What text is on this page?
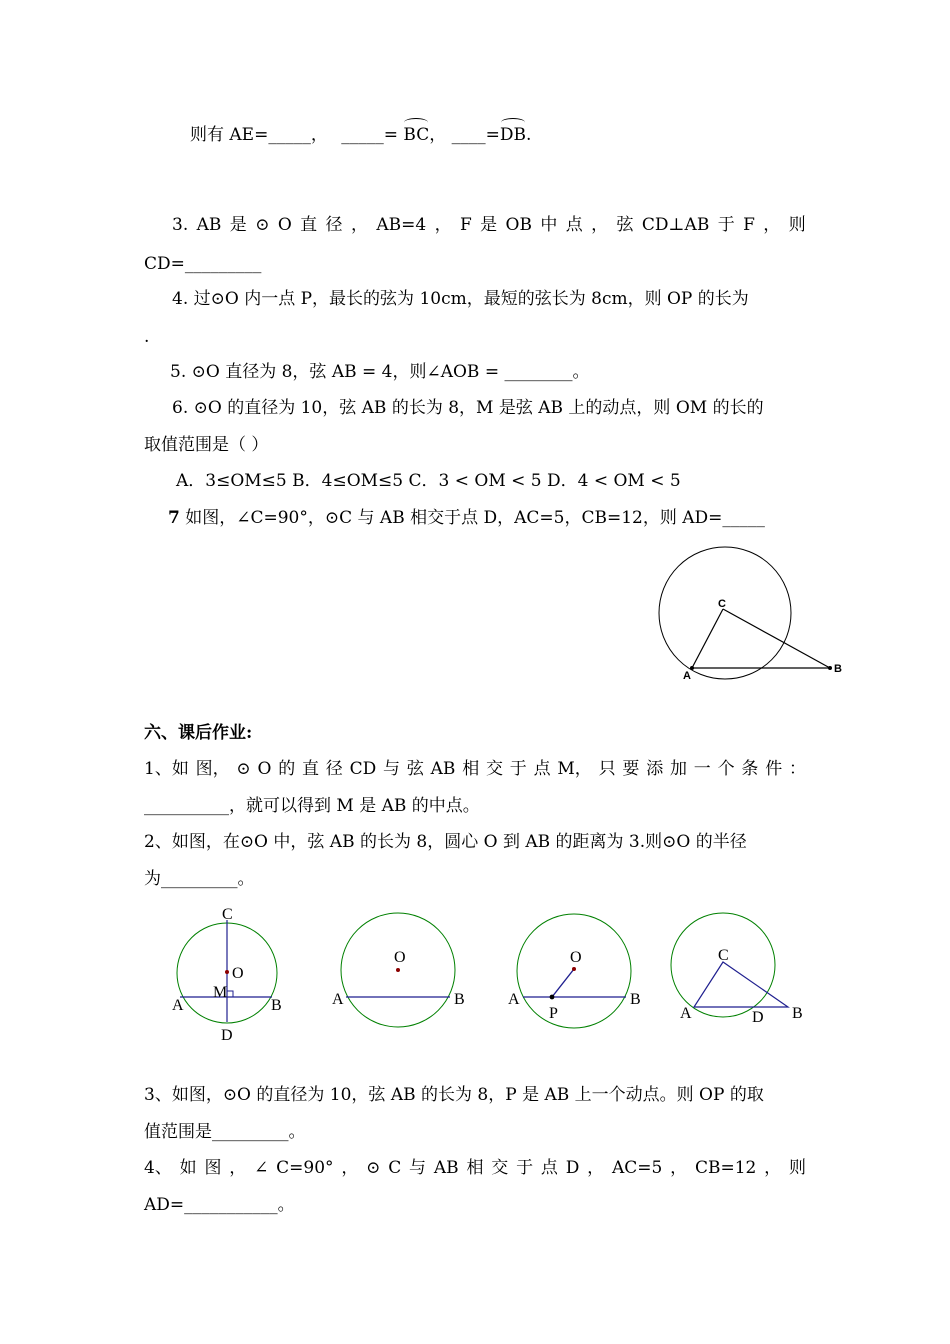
则有 AE=_____， _____= BC， ____=DB.
3. AB 是 ⊙ O 直 径 ， AB=4 ， F 是 OB 中 点 ， 弦 CD⊥AB 于 F ， 则
CD=_________
4. 过⊙O 内一点 P，最长的弦为 10cm，最短的弦长为 8cm，则 OP 的长为
.
5. ⊙O 直径为 8，弦 AB = 4，则∠AOB = ________。
6. ⊙O 的直径为 10，弦 AB 的长为 8，M 是弦 AB 上的动点，则 OM 的长的
取值范围是（ ）
A．3≤OM≤5 B．4≤OM≤5 C．3 < OM < 5 D．4 < OM < 5
7 如图，∠C=90°，⊙C 与 AB 相交于点 D，AC=5，CB=12，则 AD=_____
C
A
B
六、课后作业:
1、如 图， ⊙ O 的 直 径 CD 与 弦 AB 相 交 于 点 M， 只 要 添 加 一 个 条 件 ：
__________，就可以得到 M 是 AB 的中点。
2、如图，在⊙O 中，弦 AB 的长为 8，圆心 O 到 AB 的距离为 3.则⊙O 的半径
为_________。
C
O
M
A	B
D
O
A	B
O
A	B
P
C
A	D B
3、如图，⊙O 的直径为 10，弦 AB 的长为 8，P 是 AB 上一个动点。则 OP 的取
值范围是_________。
4、 如 图 ， ∠ C=90° ， ⊙ C 与 AB 相 交 于 点 D ， AC=5 ， CB=12 ， 则
AD=___________。
